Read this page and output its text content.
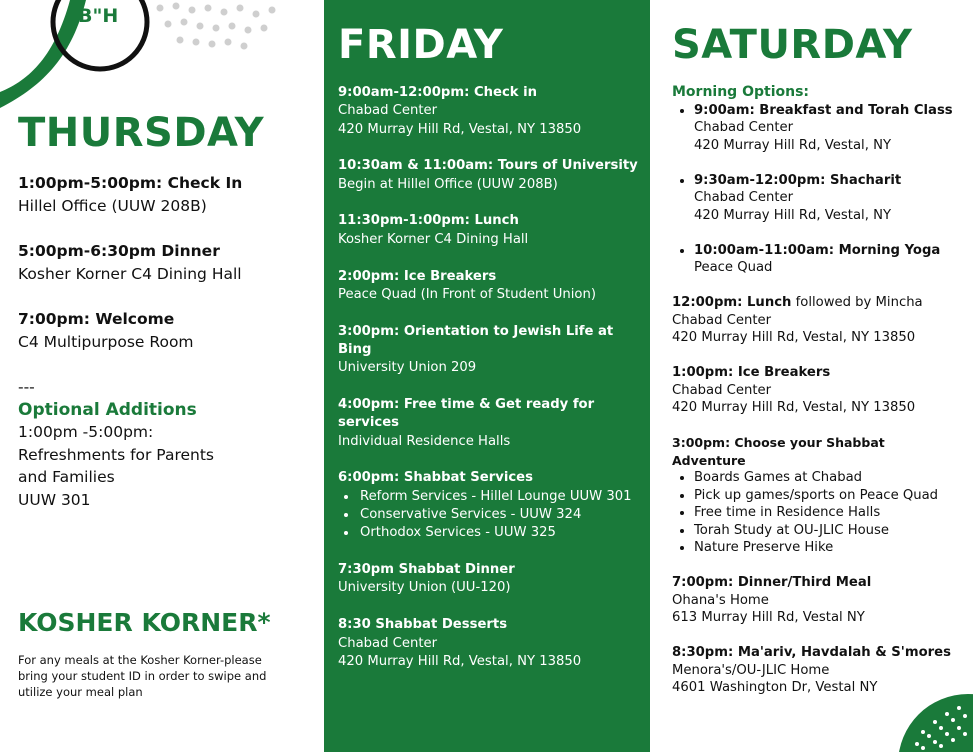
B"H
THURSDAY
1:00pm-5:00pm: Check In
Hillel Office (UUW 208B)
5:00pm-6:30pm Dinner
Kosher Korner C4 Dining Hall
7:00pm: Welcome
C4 Multipurpose Room
---
Optional Additions
1:00pm -5:00pm:
Refreshments for Parents
and Families
UUW 301
KOSHER KORNER*
For any meals at the Kosher Korner-please bring your student ID in order to swipe and utilize your meal plan
FRIDAY
9:00am-12:00pm: Check in
Chabad Center
420 Murray Hill Rd, Vestal, NY 13850
10:30am & 11:00am: Tours of University
Begin at Hillel Office (UUW 208B)
11:30pm-1:00pm: Lunch
Kosher Korner C4 Dining Hall
2:00pm: Ice Breakers
Peace Quad (In Front of Student Union)
3:00pm: Orientation to Jewish Life at Bing
University Union 209
4:00pm: Free time & Get ready for services
Individual Residence Halls
6:00pm: Shabbat Services
• Reform Services - Hillel Lounge UUW 301
• Conservative Services - UUW 324
• Orthodox Services - UUW 325
7:30pm Shabbat Dinner
University Union (UU-120)
8:30 Shabbat Desserts
Chabad Center
420 Murray Hill Rd, Vestal, NY 13850
SATURDAY
Morning Options:
• 9:00am: Breakfast and Torah Class
Chabad Center
420 Murray Hill Rd, Vestal, NY
• 9:30am-12:00pm: Shacharit
Chabad Center
420 Murray Hill Rd, Vestal, NY
• 10:00am-11:00am: Morning Yoga
Peace Quad
12:00pm: Lunch followed by Mincha
Chabad Center
420 Murray Hill Rd, Vestal, NY 13850
1:00pm: Ice Breakers
Chabad Center
420 Murray Hill Rd, Vestal, NY 13850
3:00pm: Choose your Shabbat Adventure
• Boards Games at Chabad
• Pick up games/sports on Peace Quad
• Free time in Residence Halls
• Torah Study at OU-JLIC House
• Nature Preserve Hike
7:00pm: Dinner/Third Meal
Ohana's Home
613 Murray Hill Rd, Vestal NY
8:30pm: Ma'ariv, Havdalah & S'mores
Menora's/OU-JLIC Home
4601 Washington Dr, Vestal NY
